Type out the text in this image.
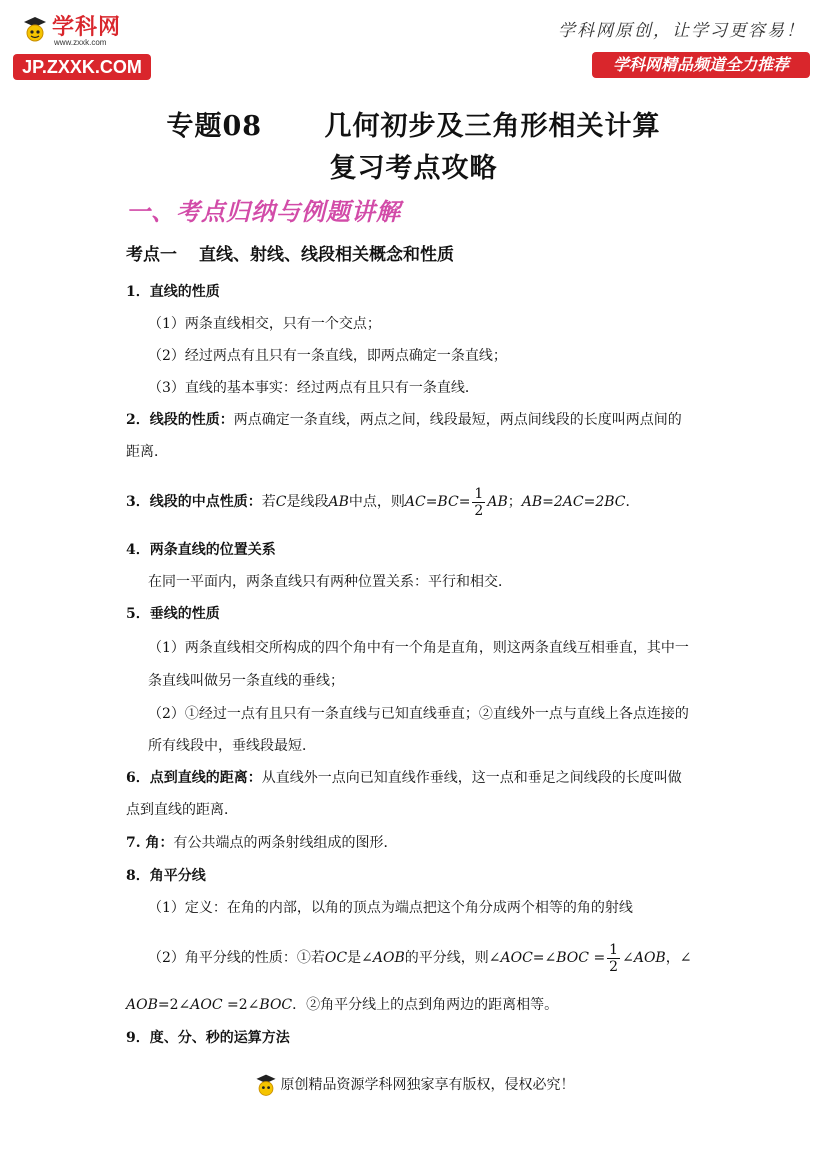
学科网
www.zxxk.com
JP.ZXXK.COM
学科网原创，让学习更容易！
学科网精品频道全力推荐
专题08      几何初步及三角形相关计算
复习考点攻略
一、考点归纳与例题讲解
考点一 直线、射线、线段相关概念和性质
1．直线的性质
（1）两条直线相交，只有一个交点；
（2）经过两点有且只有一条直线，即两点确定一条直线；
（3）直线的基本事实：经过两点有且只有一条直线．
2．线段的性质：两点确定一条直线，两点之间，线段最短，两点间线段的长度叫两点间的
距离．
3．线段的中点性质：若C是线段AB中点，则$AC=BC= \frac{1}{2}$ AB；AB=2AC=2BC．
4．两条直线的位置关系
在同一平面内，两条直线只有两种位置关系：平行和相交．
5．垂线的性质
（1）两条直线相交所构成的四个角中有一个角是直角，则这两条直线互相垂直，其中一
条直线叫做另一条直线的垂线；
（2）①经过一点有且只有一条直线与已知直线垂直；②直线外一点与直线上各点连接的
所有线段中，垂线段最短．
6．点到直线的距离：从直线外一点向已知直线作垂线，这一点和垂足之间线段的长度叫做
点到直线的距离．
7. 角：有公共端点的两条射线组成的图形．
8．角平分线
（1）定义：在角的内部，以角的顶点为端点把这个角分成两个相等的角的射线
（2）角平分线的性质：①若OC是∠AOB的平分线，则∠AOC=∠BOC = $\frac{1}{2}$ ∠AOB，∠
AOB=2∠AOC =2∠BOC．②角平分线上的点到角两边的距离相等。
9．度、分、秒的运算方法
原创精品资源学科网独家享有版权，侵权必究！
